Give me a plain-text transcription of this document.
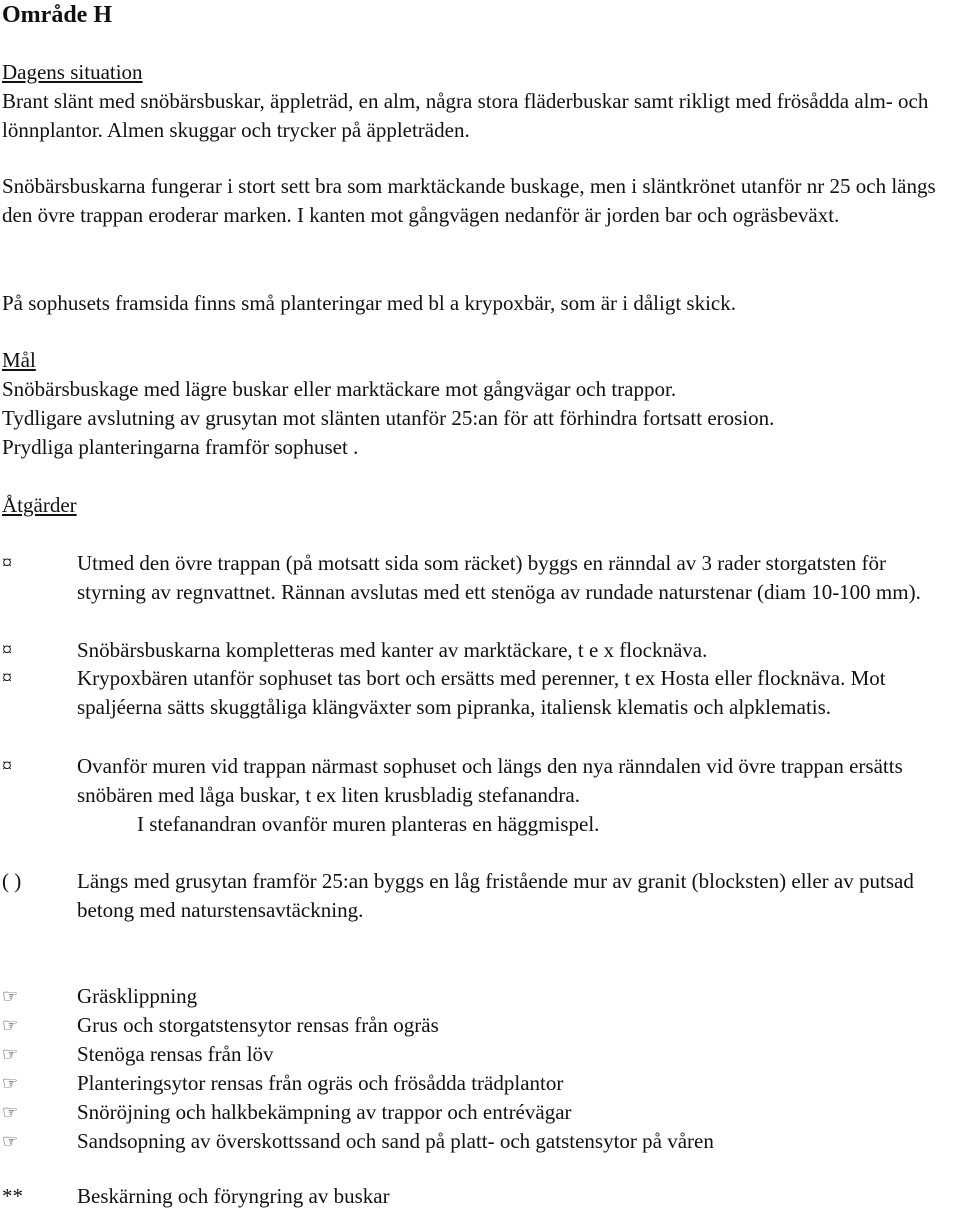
Område H
Dagens situation

Brant slänt med snöbärsbuskar, äppleträd, en alm, några stora fläderbuskar samt rikligt med frösådda alm- och lönnplantor. Almen skuggar och trycker på äppleträden.

Snöbärsbuskarna fungerar i stort sett bra som marktäckande buskage, men i släntkrönet utanför nr 25 och längs den övre trappan eroderar marken. I kanten mot gångvägen nedanför är jorden bar och ogräsbeväxt.

På sophusets framsida finns små planteringar med bl a krypoxbär, som är i dåligt skick.

Mål

Snöbärsbuskage med lägre buskar eller marktäckare mot gångvägar och trappor.

Tydligare avslutning av grusytan mot slänten utanför 25:an för att förhindra fortsatt erosion.

Prydliga planteringarna framför sophuset .

Åtgärder
¤	Utmed den övre trappan (på motsatt sida som räcket) byggs en ränndal av 3 rader storgatsten för styrning av regnvattnet. Rännan avslutas med ett stenöga av rundade naturstenar (diam 10-100 mm).
¤	Snöbärsbuskarna kompletteras med kanter av marktäckare, t e x flocknäva.
¤	Krypoxbären utanför sophuset tas bort och ersätts med perenner, t ex Hosta eller flocknäva. Mot spaljéerna sätts skuggtåliga klängväxter som pipranka, italiensk klematis och alpklematis.
¤	Ovanför muren vid trappan närmast sophuset och längs den nya ränndalen vid övre trappan ersätts snöbären med låga buskar, t ex liten krusbladig stefanandra.
I stefanandran ovanför muren planteras en häggmispel.
( )	Längs med grusytan framför 25:an byggs en låg fristående mur av granit (blocksten) eller av putsad betong med naturstensavtäckning.
☞	Gräsklippning
☞	Grus och storgatstensytor rensas från ogräs
☞	Stenöga rensas från löv
☞	Planteringsytor rensas från ogräs och frösådda trädplantor
☞	Snöröjning och halkbekämpning av trappor och entrévägar
☞	Sandsopning av överskottssand och sand på platt- och gatstensytor på våren
**	Beskärning och föryngring av buskar
